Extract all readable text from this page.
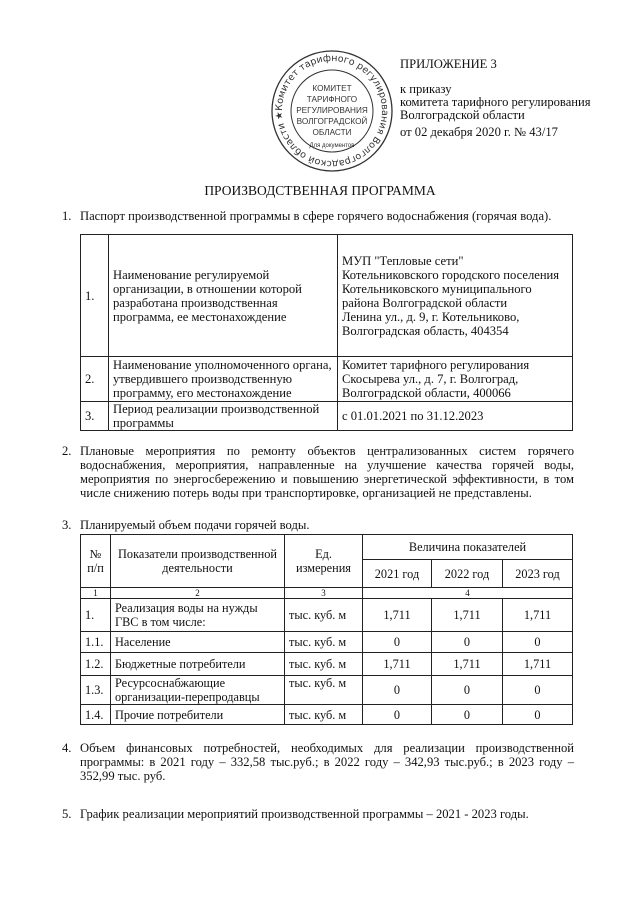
Комитет тарифного регулирования Волгоградской области ★
КОМИТЕТ
ТАРИФНОГО
РЕГУЛИРОВАНИЯ
ВОЛГОГРАДСКОЙ
ОБЛАСТИ
Для документов
ПРИЛОЖЕНИЕ 3
к приказу
комитета тарифного регулирования
Волгоградской области
от 02 декабря 2020 г. № 43/17
ПРОИЗВОДСТВЕННАЯ ПРОГРАММА
1. Паспорт производственной программы в сфере горячего водоснабжения (горячая вода).
1.	Наименование регулируемой организации, в отношении которой разработана производственная программа, ее местонахождение	МУП "Тепловые сети"
Котельниковского городского поселения Котельниковского муниципального района Волгоградской области
Ленина ул., д. 9, г. Котельниково, Волгоградская область, 404354

2.	Наименование уполномоченного органа, утвердившего производственную программу, его местонахождение	Комитет тарифного регулирования
Скосырева ул., д. 7, г. Волгоград, Волгоградской области, 400066

3.	Период реализации производственной программы	с 01.01.2021 по 31.12.2023
2. Плановые мероприятия по ремонту объектов централизованных систем горячего водоснабжения, мероприятия, направленные на улучшение качества горячей воды, мероприятия по энергосбережению и повышению энергетической эффективности, в том числе снижению потерь воды при транспортировке, организацией не представлены.
3. Планируемый объем подачи горячей воды.
№ п/п	Показатели производственной деятельности	Ед. измерения	Величина показателей		
			2021 год	2022 год	2023 год
1	2	3	4		
1.	Реализация воды на нужды ГВС в том числе:	тыс. куб. м	1,711	1,711	1,711
1.1.	Население	тыс. куб. м	0	0	0
1.2.	Бюджетные потребители	тыс. куб. м	1,711	1,711	1,711
1.3.	Ресурсоснабжающие организации-перепродавцы	тыс. куб. м	0	0	0
1.4.	Прочие потребители	тыс. куб. м	0	0	0
4. Объем финансовых потребностей, необходимых для реализации производственной программы: в 2021 году – 332,58 тыс.руб.; в 2022 году – 342,93 тыс.руб.; в 2023 году – 352,99 тыс. руб.
5. График реализации мероприятий производственной программы – 2021 - 2023 годы.
